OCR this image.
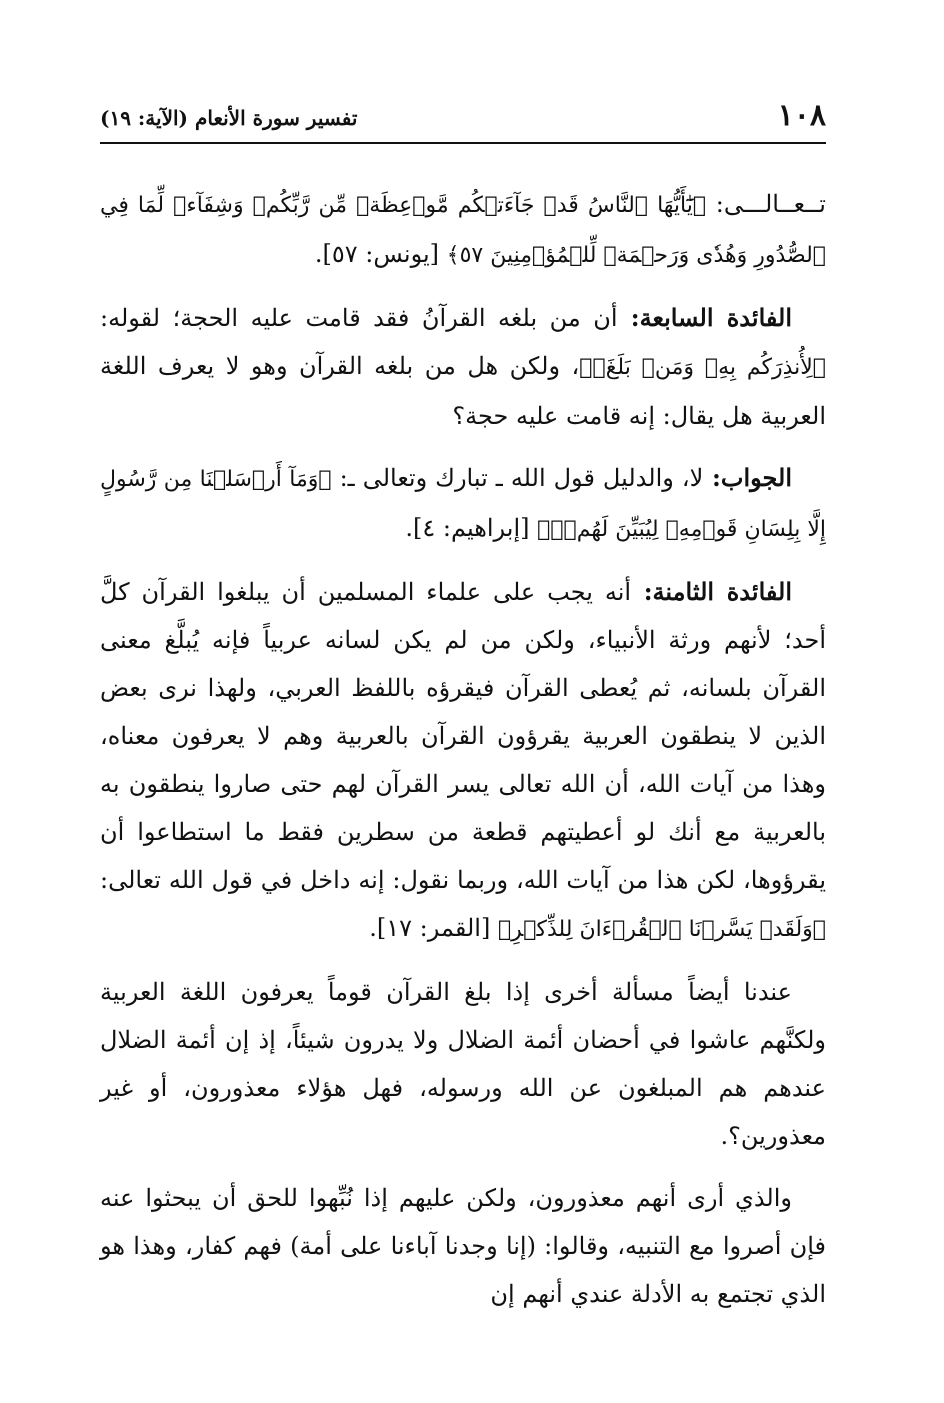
١٠٨
تفسير سورة الأنعام (الآية: ١٩)

تــعــالـــى: ﴿يَٰٓأَيُّهَا ٱلنَّاسُ قَدۡ جَآءَتۡكُم مَّوۡعِظَةٞ مِّن رَّبِّكُمۡ وَشِفَآءٞ لِّمَا فِي ٱلصُّدُورِ وَهُدٗى وَرَحۡمَةٞ لِّلۡمُؤۡمِنِينَ ٥٧﴾ [يونس: ٥٧].

الفائدة السابعة: أن من بلغه القرآنُ فقد قامت عليه الحجة؛ لقوله: ﴿لِأُنذِرَكُم بِهِۦ وَمَنۢ بَلَغَۚ﴾، ولكن هل من بلغه القرآن وهو لا يعرف اللغة العربية هل يقال: إنه قامت عليه حجة؟

الجواب: لا، والدليل قول الله ـ تبارك وتعالى ـ: ﴿وَمَآ أَرۡسَلۡنَا مِن رَّسُولٍ إِلَّا بِلِسَانِ قَوۡمِهِۦ لِيُبَيِّنَ لَهُمۡۖ﴾ [إبراهيم: ٤].

الفائدة الثامنة: أنه يجب على علماء المسلمين أن يبلغوا القرآن كلَّ أحد؛ لأنهم ورثة الأنبياء، ولكن من لم يكن لسانه عربياً فإنه يُبلَّغ معنى القرآن بلسانه، ثم يُعطى القرآن فيقرؤه باللفظ العربي، ولهذا نرى بعض الذين لا ينطقون العربية يقرؤون القرآن بالعربية وهم لا يعرفون معناه، وهذا من آيات الله، أن الله تعالى يسر القرآن لهم حتى صاروا ينطقون به بالعربية مع أنك لو أعطيتهم قطعة من سطرين فقط ما استطاعوا أن يقرؤوها، لكن هذا من آيات الله، وربما نقول: إنه داخل في قول الله تعالى: ﴿وَلَقَدۡ يَسَّرۡنَا ٱلۡقُرۡءَانَ لِلذِّكۡرِ﴾ [القمر: ١٧].

عندنا أيضاً مسألة أخرى إذا بلغ القرآن قوماً يعرفون اللغة العربية ولكنَّهم عاشوا في أحضان أئمة الضلال ولا يدرون شيئاً، إذ إن أئمة الضلال عندهم هم المبلغون عن الله ورسوله، فهل هؤلاء معذورون، أو غير معذورين؟.

والذي أرى أنهم معذورون، ولكن عليهم إذا نُبِّهوا للحق أن يبحثوا عنه فإن أصروا مع التنبيه، وقالوا: (إنا وجدنا آباءنا على أمة) فهم كفار، وهذا هو الذي تجتمع به الأدلة عندي أنهم إن
